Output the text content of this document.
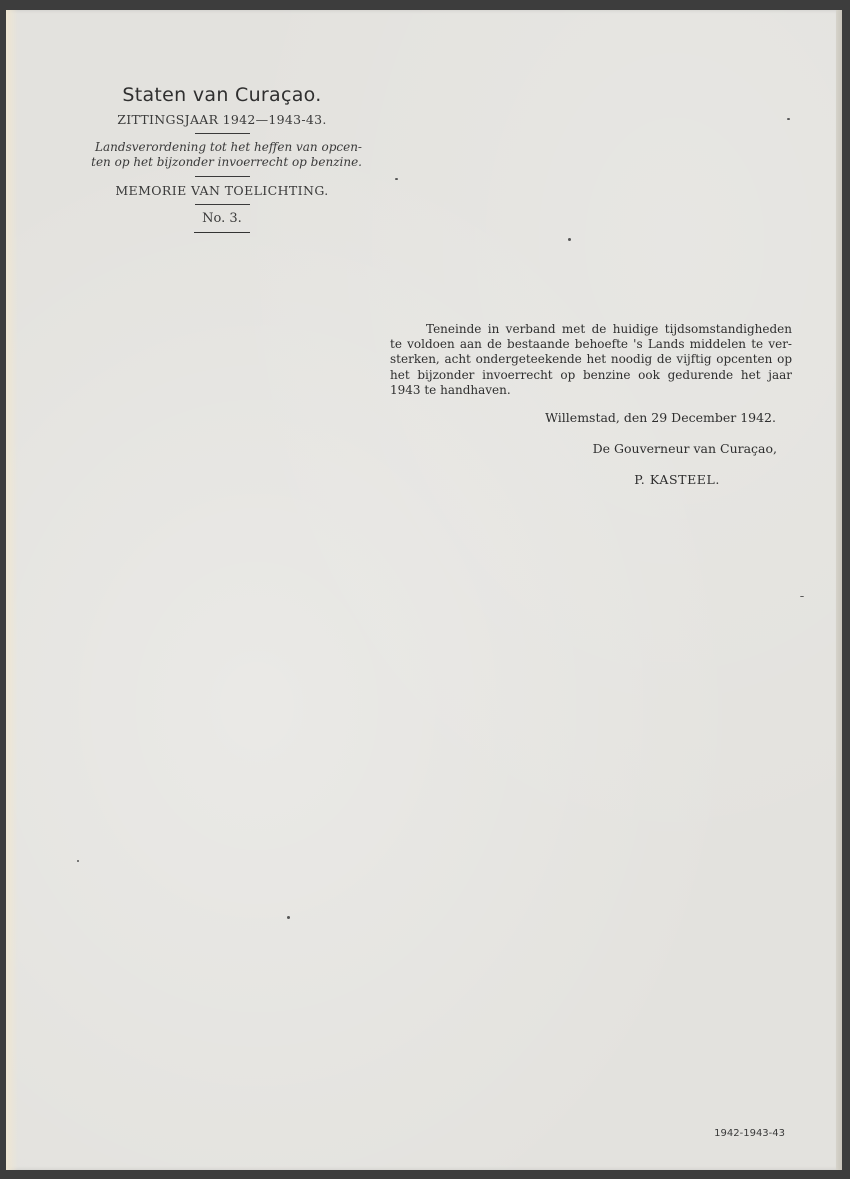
Staten van Curaçao.
ZITTINGSJAAR 1942—1943-43.
Landsverordening tot het heffen van opcen-
ten op het bijzonder invoerrecht op benzine.
MEMORIE VAN TOELICHTING.
No. 3.
Teneinde in verband met de huidige tijdsomstandigheden
te voldoen aan de bestaande behoefte 's Lands middelen te ver-
sterken, acht ondergeteekende het noodig de vijftig opcenten op
het bijzonder invoerrecht op benzine ook gedurende het jaar
1943 te handhaven.
Willemstad, den 29 December 1942.
De Gouverneur van Curaçao,
P. KASTEEL.
1942-1943-43
